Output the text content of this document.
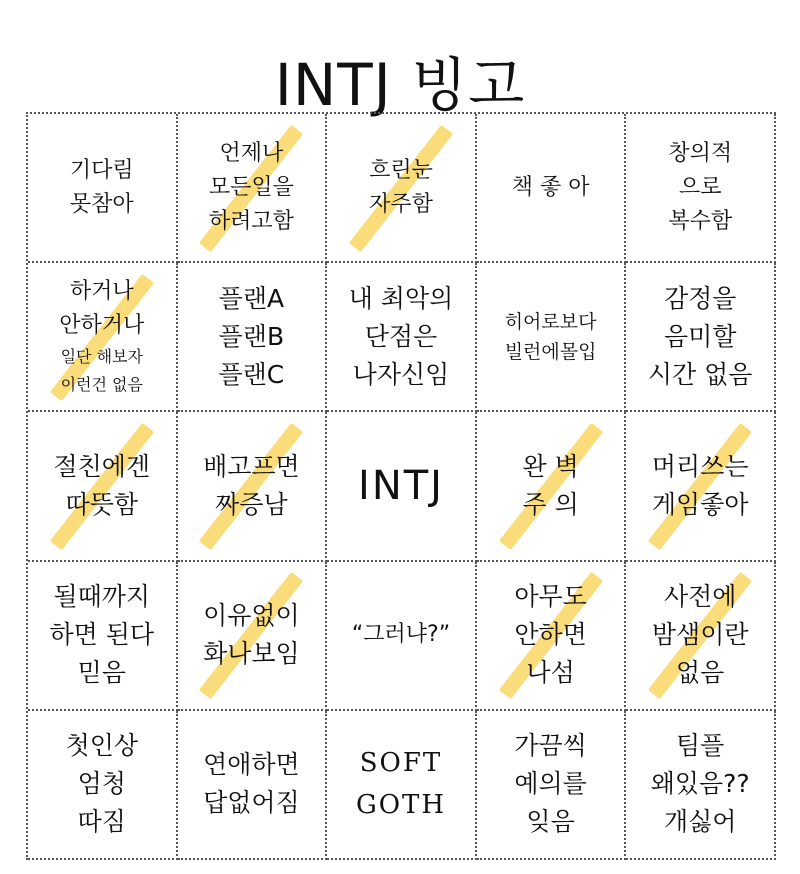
INTJ 빙고
기다림
못참아
언제나
모든일을
하려고함
흐린눈
자주함
책 좋 아
창의적
으로
복수함
하거나
안하거나
일단 해보자
이런건 없음
플랜A
플랜B
플랜C
내 최악의
단점은
나자신임
히어로보다
빌런에몰입
감정을
음미할
시간 없음
절친에겐
따뜻함
배고프면
짜증남 INTJ	완 벽
주 의
머리쓰는
게임좋아
될때까지
하면 된다
믿음
이유없이
화나보임
“그러냐?”
아무도
안하면
나섬
사전에
밤샘이란
없음
첫인상
엄청
따짐
연애하면
답없어짐
SOFT
GOTH
가끔씩
예의를
잊음
팀플
왜있음??
개싫어
